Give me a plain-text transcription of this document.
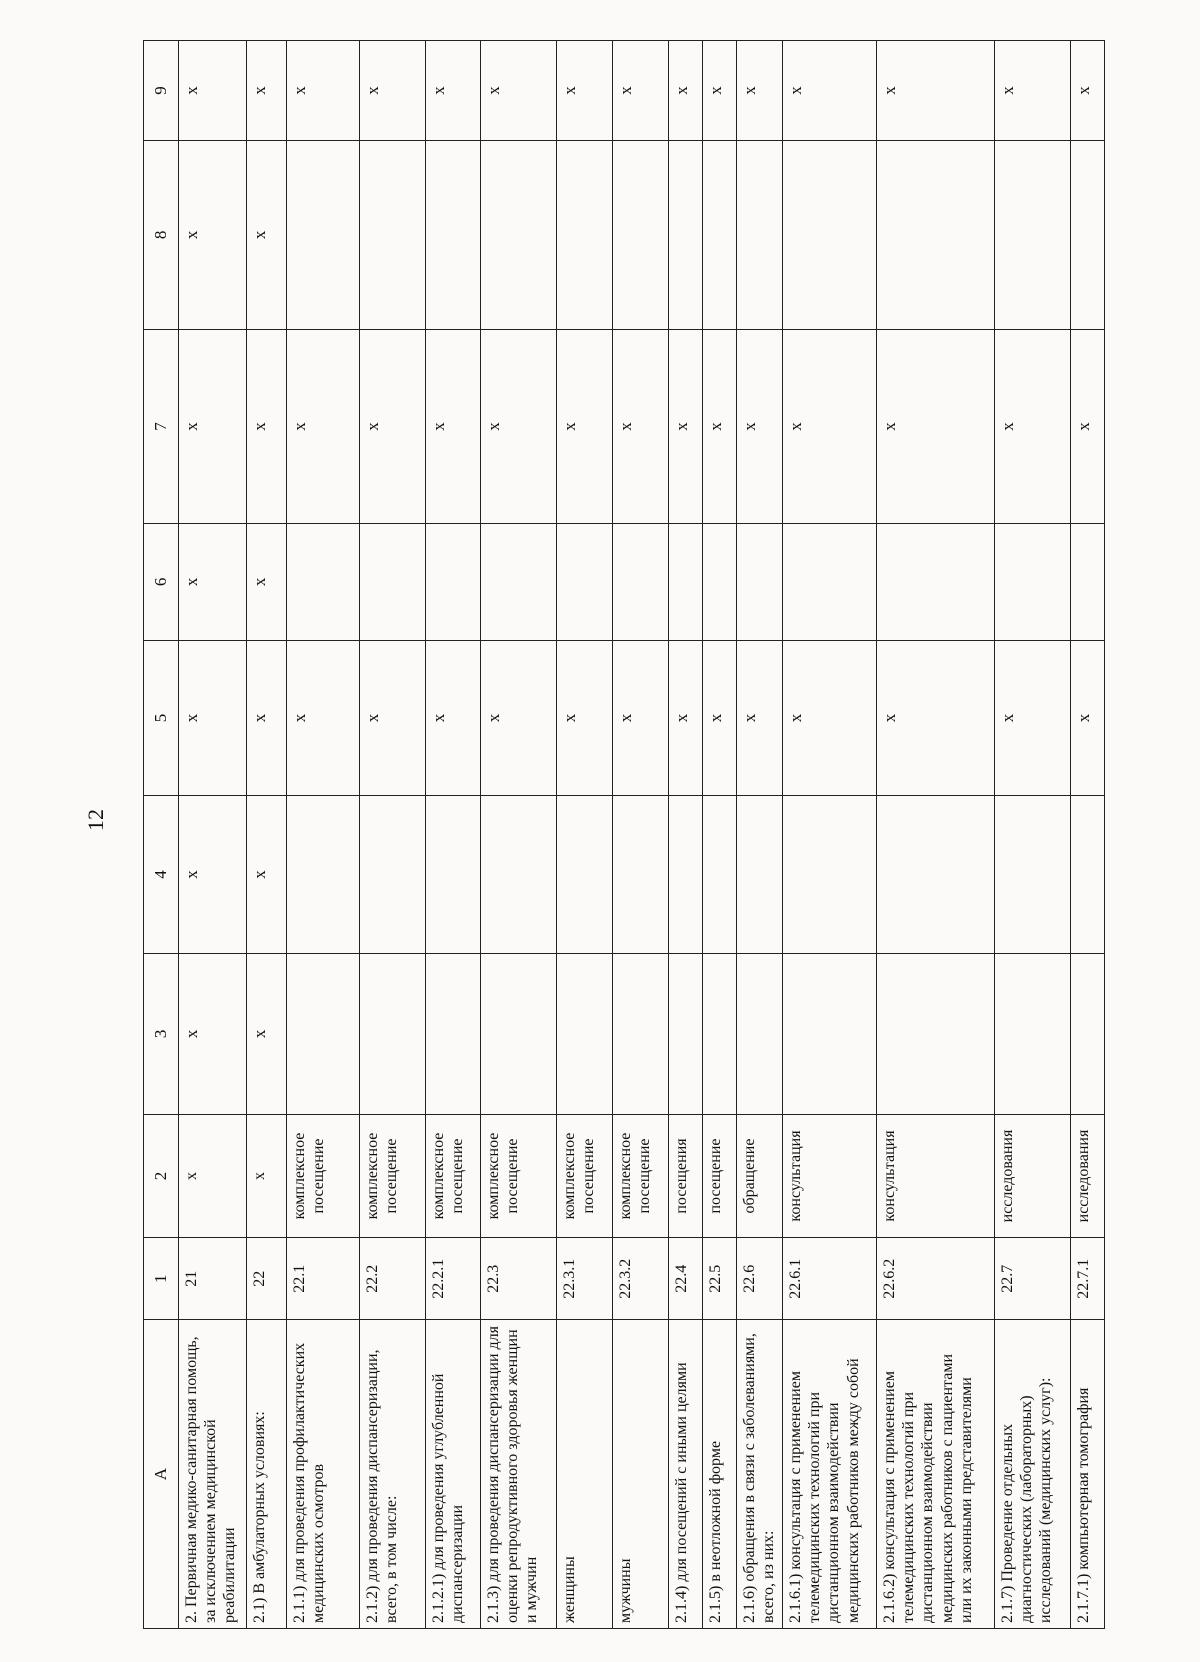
12
A	1	2	3	4	5	6	7	8	9
2. Первичная медико-санитарная помощь, за исключением медицинской реабилитации	21	х	х	х	х	х	х	х	х
2.1) В амбулаторных условиях:	22	х	х	х	х	х	х	х	х
2.1.1) для проведения профилактических медицинских осмотров	22.1	комплексное посещение			х		х		х
2.1.2) для проведения диспансеризации, всего, в том числе:	22.2	комплексное посещение			х		х		х
2.1.2.1) для проведения углубленной диспансеризации	22.2.1	комплексное посещение			х		х		х
2.1.3) для проведения диспансеризации для оценки репродуктивного здоровья женщин и мужчин	22.3	комплексное посещение			х		х		х
женщины	22.3.1	комплексное посещение			х		х		х
мужчины	22.3.2	комплексное посещение			х		х		х
2.1.4) для посещений с иными целями	22.4	посещения			х		х		х
2.1.5) в неотложной форме	22.5	посещение			х		х		х
2.1.6) обращения в связи с заболеваниями, всего, из них:	22.6	обращение			х		х		х
2.1.6.1) консультация с применением телемедицинских технологий при дистанционном взаимодействии медицинских работников между собой	22.6.1	консультация			х		х		х
2.1.6.2) консультация с применением телемедицинских технологий при дистанционном взаимодействии медицинских работников с пациентами или их законными представителями	22.6.2	консультация			х		х		х
2.1.7) Проведение отдельных диагностических (лабораторных) исследований (медицинских услуг):	22.7	исследования			х		х		х
2.1.7.1) компьютерная томография	22.7.1	исследования			х		х		х
